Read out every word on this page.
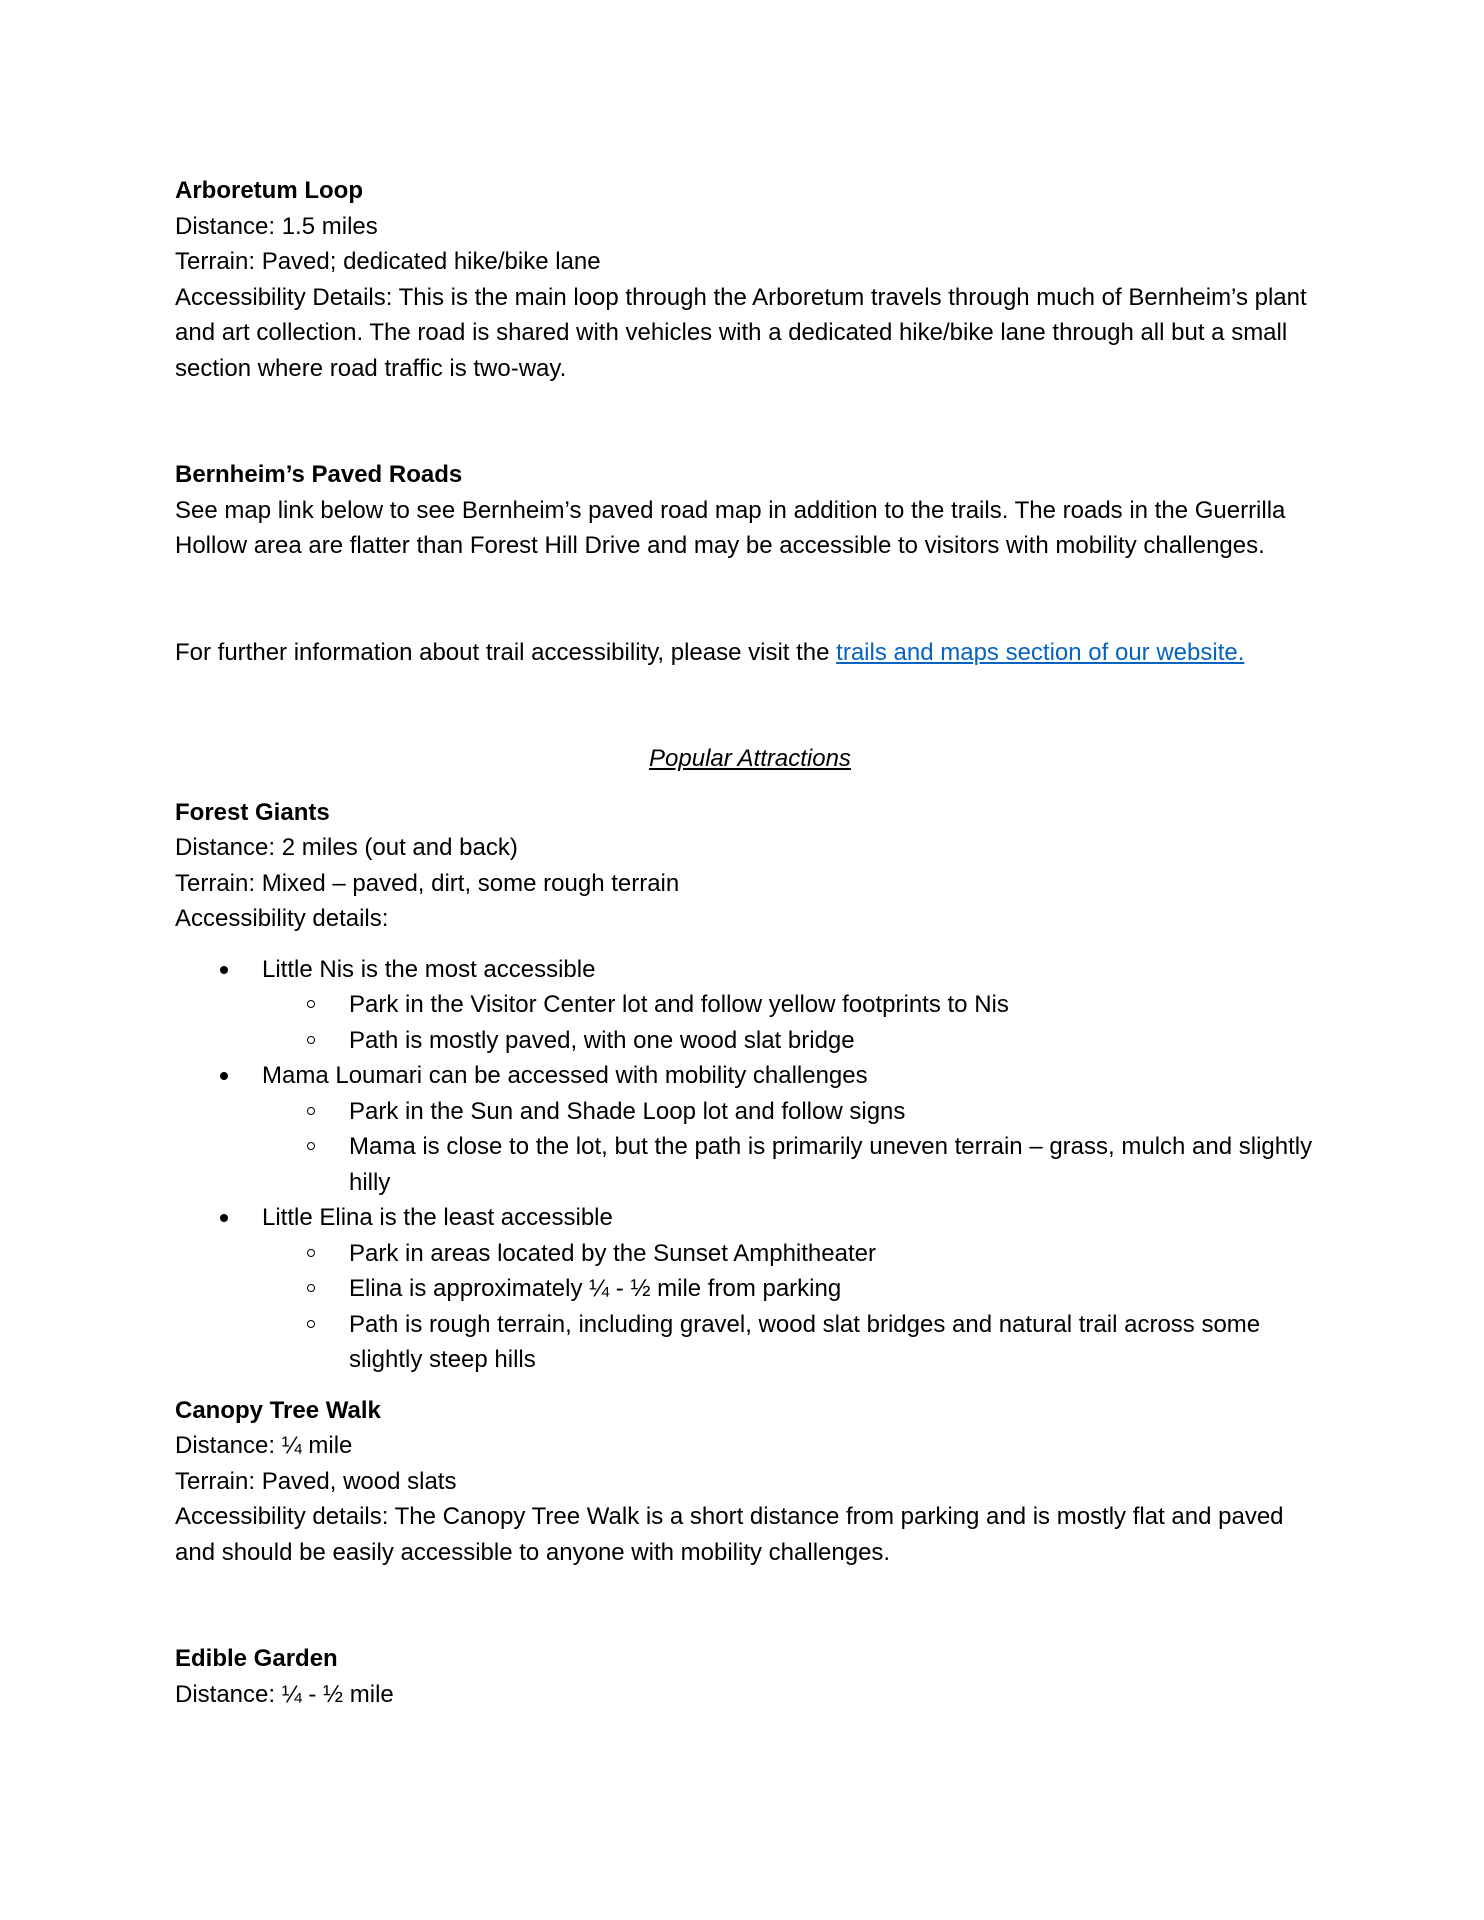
Arboretum Loop

Distance: 1.5 miles

Terrain: Paved; dedicated hike/bike lane

Accessibility Details: This is the main loop through the Arboretum travels through much of Bernheim’s plant and art collection. The road is shared with vehicles with a dedicated hike/bike lane through all but a small section where road traffic is two-way.

Bernheim’s Paved Roads

See map link below to see Bernheim’s paved road map in addition to the trails. The roads in the Guerrilla Hollow area are flatter than Forest Hill Drive and may be accessible to visitors with mobility challenges.

For further information about trail accessibility, please visit the trails and maps section of our website.

Popular Attractions

Forest Giants

Distance: 2 miles (out and back)

Terrain: Mixed – paved, dirt, some rough terrain

Accessibility details:

Little Nis is the most accessible
Park in the Visitor Center lot and follow yellow footprints to Nis
Path is mostly paved, with one wood slat bridge
Mama Loumari can be accessed with mobility challenges
Park in the Sun and Shade Loop lot and follow signs
Mama is close to the lot, but the path is primarily uneven terrain – grass, mulch and slightly hilly
Little Elina is the least accessible
Park in areas located by the Sunset Amphitheater
Elina is approximately ¼ - ½ mile from parking
Path is rough terrain, including gravel, wood slat bridges and natural trail across some slightly steep hills

Canopy Tree Walk

Distance: ¼ mile

Terrain: Paved, wood slats

Accessibility details: The Canopy Tree Walk is a short distance from parking and is mostly flat and paved and should be easily accessible to anyone with mobility challenges.

Edible Garden

Distance: ¼ - ½ mile
